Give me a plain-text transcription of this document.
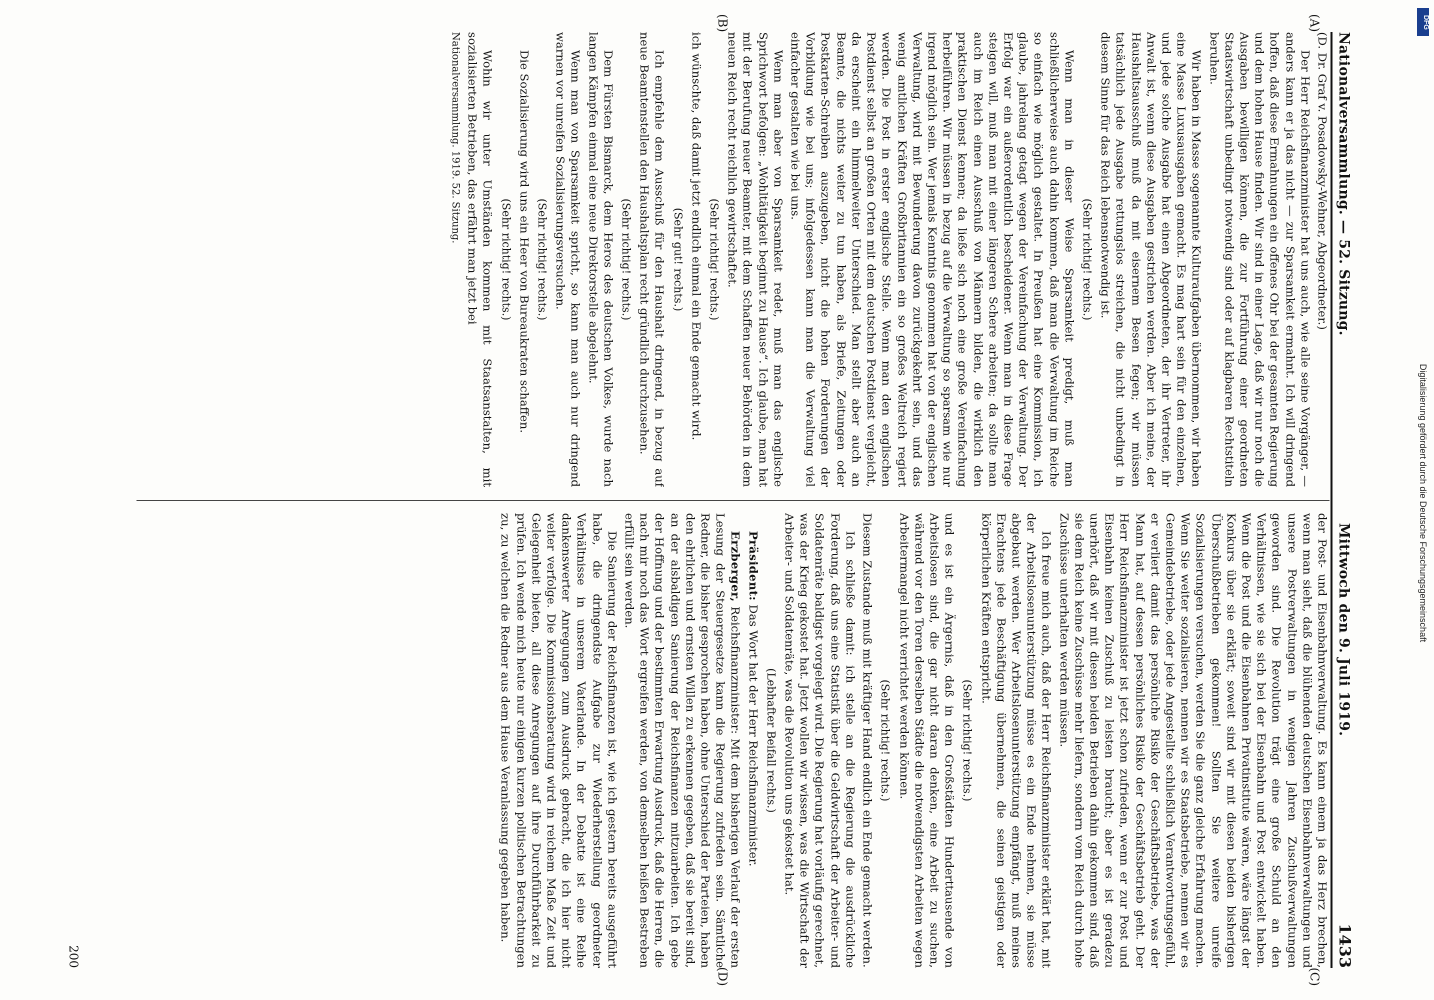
Nationalversammlung. — 52. Sitzung.
Mittwoch den 9. Juli 1919.
1433
(A)
(B)
(C)
(D)

(D. Dr. Graf v. Posadowsky-Wehner, Abgeordneter.)

Der Herr Reichsfinanzminister hat uns auch, wie alle seine Vorgänger, — anders kann er ja das nicht — zur Sparsamkeit ermahnt. Ich will dringend hoffen, daß diese Ermahnungen ein offenes Ohr bei der gesamten Regierung und dem hohen Hause finden. Wir sind in einer Lage, daß wir nur noch die Ausgaben bewilligen können, die zur Fortführung einer geordneten Staatswirtschaft unbedingt notwendig sind oder auf klagbaren Rechtstiteln beruhen.

Wir haben in Masse sogenannte Kulturaufgaben übernommen, wir haben eine Masse Luxusausgaben gemacht. Es mag hart sein für den einzelnen, und jede solche Ausgabe hat einen Abgeordneten, der ihr Vertreter, ihr Anwalt ist, wenn diese Ausgaben gestrichen werden. Aber ich meine, der Haushaltsausschuß muß da mit eisernem Besen fegen; wir müssen tatsächlich jede Ausgabe rettungslos streichen, die nicht unbedingt in diesem Sinne für das Reich lebensnotwendig ist.

(Sehr richtig! rechts.)

Wenn man in dieser Weise Sparsamkeit predigt, muß man schließlicherweise auch dahin kommen, daß man die Verwaltung im Reiche so einfach wie möglich gestaltet. In Preußen hat eine Kommission, ich glaube, jahrelang getagt wegen der Vereinfachung der Verwaltung. Der Erfolg war ein außerordentlich bescheidener. Wenn man in diese Frage steigen will, muß man mit einer längeren Schere arbeiten; da sollte man auch im Reich einen Ausschuß von Männern bilden, die wirklich den praktischen Dienst kennen; da ließe sich noch eine große Vereinfachung herbeiführen. Wir müssen in bezug auf die Verwaltung so sparsam wie nur irgend möglich sein. Wer jemals Kenntnis genommen hat von der englischen Verwaltung, wird mit Bewunderung davon zurückgekehrt sein, und das wenig amtlichen Kräften Großbritannien ein so großes Weltreich regiert werden. Die Post in erster englische Stelle. Wenn man den englischen Postdienst selbst an großen Orten mit dem deutschen Postdienst vergleicht, da erscheint ein himmelweiter Unterschied. Man stellt aber auch an Beamte, die nichts weiter zu tun haben, als Briefe, Zeitungen oder Postkarten-Schreiben auszugeben, nicht die hohen Forderungen der Vorbildung wie bei uns; infolgedessen kann man die Verwaltung viel einfacher gestalten wie bei uns.

Wenn man aber von Sparsamkeit redet, muß man das englische Sprichwort befolgen: „Wohltätigkeit beginnt zu Hause“. Ich glaube, man hat mit der Berufung neuer Beamter, mit dem Schaffen neuer Behörden in dem neuen Reich recht reichlich gewirtschaftet.

(Sehr richtig! rechts.)

ich wünschte, daß damit jetzt endlich einmal ein Ende gemacht wird.

(Sehr gut! rechts.)

Ich empfehle dem Ausschuß für den Haushalt dringend, in bezug auf neue Beamtenstellen den Haushaltsplan recht gründlich durchzusehen.

(Sehr richtig! rechts.)

Dem Fürsten Bismarck, dem Heros des deutschen Volkes, wurde nach langen Kämpfen einmal eine neue Direktorstelle abgelehnt.

Wenn man von Sparsamkeit spricht, so kann man auch nur dringend warnen vor unreifen Sozialisierungsversuchen.

(Sehr richtig! rechts.)

Die Sozialisierung wird uns ein Heer von Bureaukraten schaffen.

(Sehr richtig! rechts.)

Wohin wir unter Umständen kommen mit Staatsanstalten, mit sozialisierten Betrieben, das erfährt man jetzt bei

Nationalversammlung. 1919. 52. Sitzung.

der Post- und Eisenbahnverwaltung. Es kann einem ja das Herz brechen, wenn man sieht, daß die blühenden deutschen Eisenbahnverwaltungen und unsere Postverwaltungen in wenigen Jahren Zuschußverwaltungen geworden sind. Die Revolution trägt eine große Schuld an den Verhältnissen, wie sie sich bei der Eisenbahn und Post entwickelt haben. Wenn die Post und die Eisenbahnen Privatinstitute wären, wäre längst der Konkurs über sie erklärt; soweit sind wir mit diesen beiden bisherigen Überschußbetrieben gekommen! Sollten Sie weitere unreife Sozialisierungen versuchen, werden Sie die ganz gleiche Erfahrung machen. Wenn Sie weiter sozialisieren, nennen wir es Staatsbetriebe, nennen wir es Gemeindebetriebe, oder jede Angestellte schließlich Verantwortungsgefühl, er verliert damit das persönliche Risiko der Geschäftsbetriebe, was der Mann hat, auf dessen persönliches Risiko der Geschäftsbetrieb geht. Der Herr Reichsfinanzminister ist jetzt schon zufrieden, wenn er zur Post und Eisenbahn keinen Zuschuß zu leisten braucht; aber es ist geradezu unerhört, daß wir mit diesen beiden Betrieben dahin gekommen sind, daß sie dem Reich keine Zuschüsse mehr liefern, sondern vom Reich durch hohe Zuschüsse unterhalten werden müssen.

Ich freue mich auch, daß der Herr Reichsfinanzminister erklärt hat, mit der Arbeitslosenunterstützung müsse es ein Ende nehmen, sie müsse abgebaut werden. Wer Arbeitslosenunterstützung empfängt, muß meines Erachtens jede Beschäftigung übernehmen, die seinen geistigen oder körperlichen Kräften entspricht.

(Sehr richtig! rechts.)

und es ist ein Ärgernis, daß in den Großstädten Hunderttausende von Arbeitslosen sind, die gar nicht daran denken, eine Arbeit zu suchen, während vor den Toren derselben Städte die notwendigsten Arbeiten wegen Arbeitermangel nicht verrichtet werden können.

(Sehr richtig! rechts.)

Diesem Zustande muß mit kräftiger Hand endlich ein Ende gemacht werden.

Ich schließe damit: ich stelle an die Regierung die ausdrückliche Forderung, daß uns eine Statistik über die Geldwirtschaft der Arbeiter- und Soldatenräte baldigst vorgelegt wird. Die Regierung hat vorläufig gerechnet, was der Krieg gekostet hat. Jetzt wollen wir wissen, was die Wirtschaft der Arbeiter- und Soldatenräte, was die Revolution uns gekostet hat.

(Lebhafter Beifall rechts.)

Präsident: Das Wort hat der Herr Reichsfinanzminister.

Erzberger, Reichsfinanzminister: Mit dem bisherigen Verlauf der ersten Lesung der Steuergesetze kann die Regierung zufrieden sein. Sämtliche Redner, die bisher gesprochen haben, ohne Unterschied der Parteien, haben den ehrlichen und ernsten Willen zu erkennen gegeben, daß sie bereit sind, an der alsbaldigen Sanierung der Reichsfinanzen mitzuarbeiten. Ich gebe der Hoffnung und der bestimmten Erwartung Ausdruck, daß die Herren, die nach mir noch das Wort ergreifen werden, von demselben heißen Bestreben erfüllt sein werden.

Die Sanierung der Reichsfinanzen ist, wie ich gestern bereits ausgeführt habe, die dringendste Aufgabe zur Wiederherstellung geordneter Verhältnisse in unserem Vaterlande. In der Debatte ist eine Reihe dankenswerter Anregungen zum Ausdruck gebracht, die ich hier nicht weiter verfolge. Die Kommissionsberatung wird in reichem Maße Zeit und Gelegenheit bieten, all diese Anregungen auf ihre Durchführbarkeit zu prüfen. Ich wende mich heute nur einigen kurzen politischen Betrachtungen zu, zu welchen die Redner aus dem Hause Veranlassung gegeben haben.

200
DFG
Digitalisierung gefördert durch die Deutsche Forschungsgemeinschaft
